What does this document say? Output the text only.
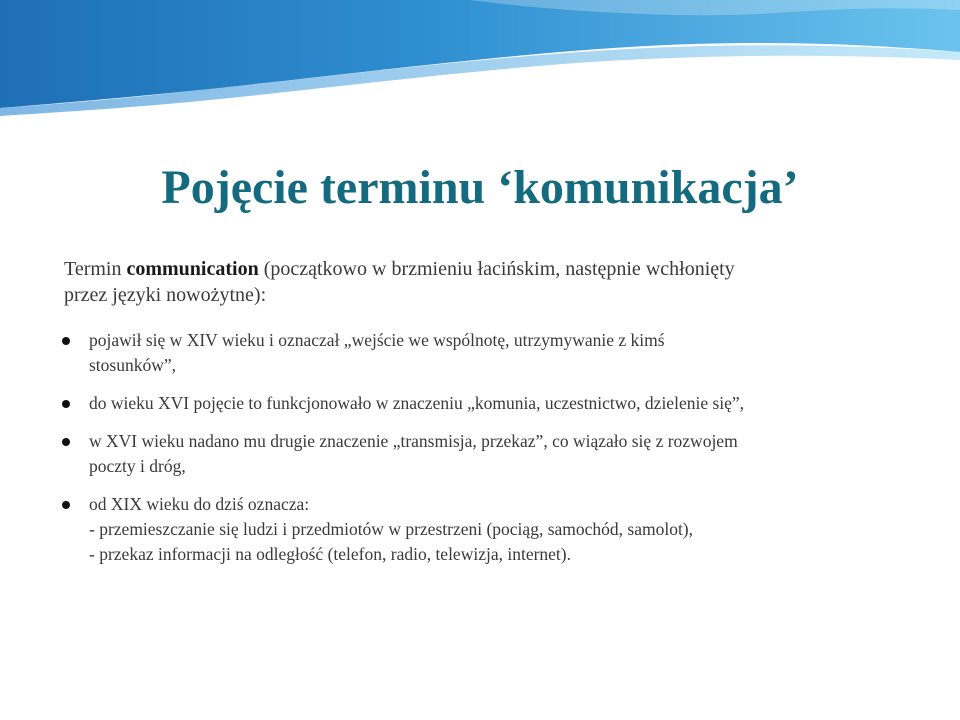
Pojęcie terminu ‘komunikacja’

Termin communication (początkowo w brzmieniu łacińskim, następnie wchłonięty
przez języki nowożytne):

pojawił się w XIV wieku i oznaczał „wejście we wspólnotę, utrzymywanie z kimś
stosunków”,
do wieku XVI pojęcie to funkcjonowało w znaczeniu „komunia, uczestnictwo, dzielenie się”,
w XVI wieku nadano mu drugie znaczenie „transmisja, przekaz”, co wiązało się z rozwojem
poczty i dróg,
od XIX wieku do dziś oznacza:
- przemieszczanie się ludzi i przedmiotów w przestrzeni (pociąg, samochód, samolot),
- przekaz informacji na odległość (telefon, radio, telewizja, internet).
